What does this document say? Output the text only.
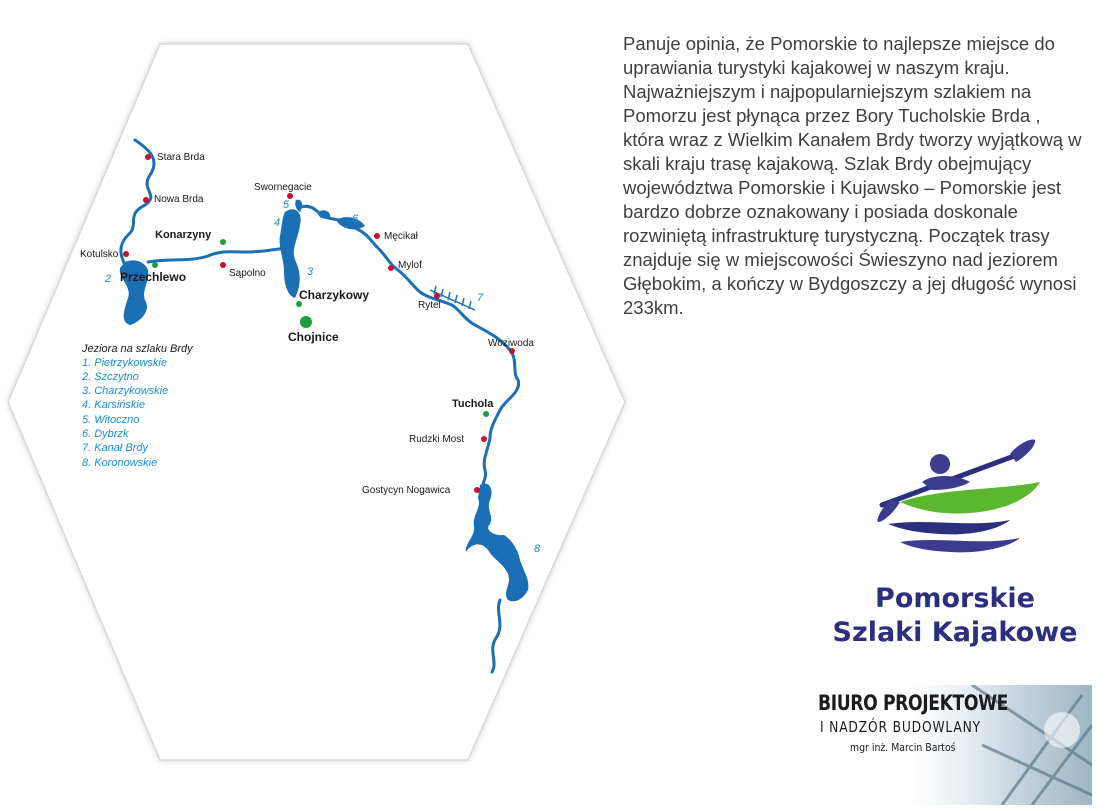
Stara Brda
Nowa Brda
Swornegacie
Konarzyny
Kotulsko
Przechlewo	Sąpolno
Męcikał
Mylof
Rytel
Charzykowy
Chojnice	Woziwoda
Tuchola
Rudzki Most
Gostycyn Nogawica
2
3
4
5
6
7
8
Jeziora na szlaku Brdy
1. Pietrzykowskie
2. Szczytno
3. Charzykowskie
4. Karsińskie
5. Witoczno
6. Dybrzk
7. Kanał Brdy
8. Koronowskie

Panuje opinia, że Pomorskie to najlepsze miejsce do uprawiania turystyki kajakowej w naszym kraju. Najważniejszym i najpopularniejszym szlakiem na Pomorzu jest płynąca przez Bory Tucholskie Brda , która wraz z Wielkim Kanałem Brdy tworzy wyjątkową w skali kraju trasę kajakową. Szlak Brdy obejmujący województwa Pomorskie i Kujawsko – Pomorskie jest bardzo dobrze oznakowany i posiada doskonale rozwiniętą infrastrukturę turystyczną. Początek trasy znajduje się w miejscowości Świeszyno nad jeziorem Głębokim, a kończy w Bydgoszczy a jej długość wynosi 233km.

Pomorskie
Szlaki Kajakowe
BIURO PROJEKTOWE
I NADZÓR BUDOWLANY
mgr inż. Marcin Bartoś
